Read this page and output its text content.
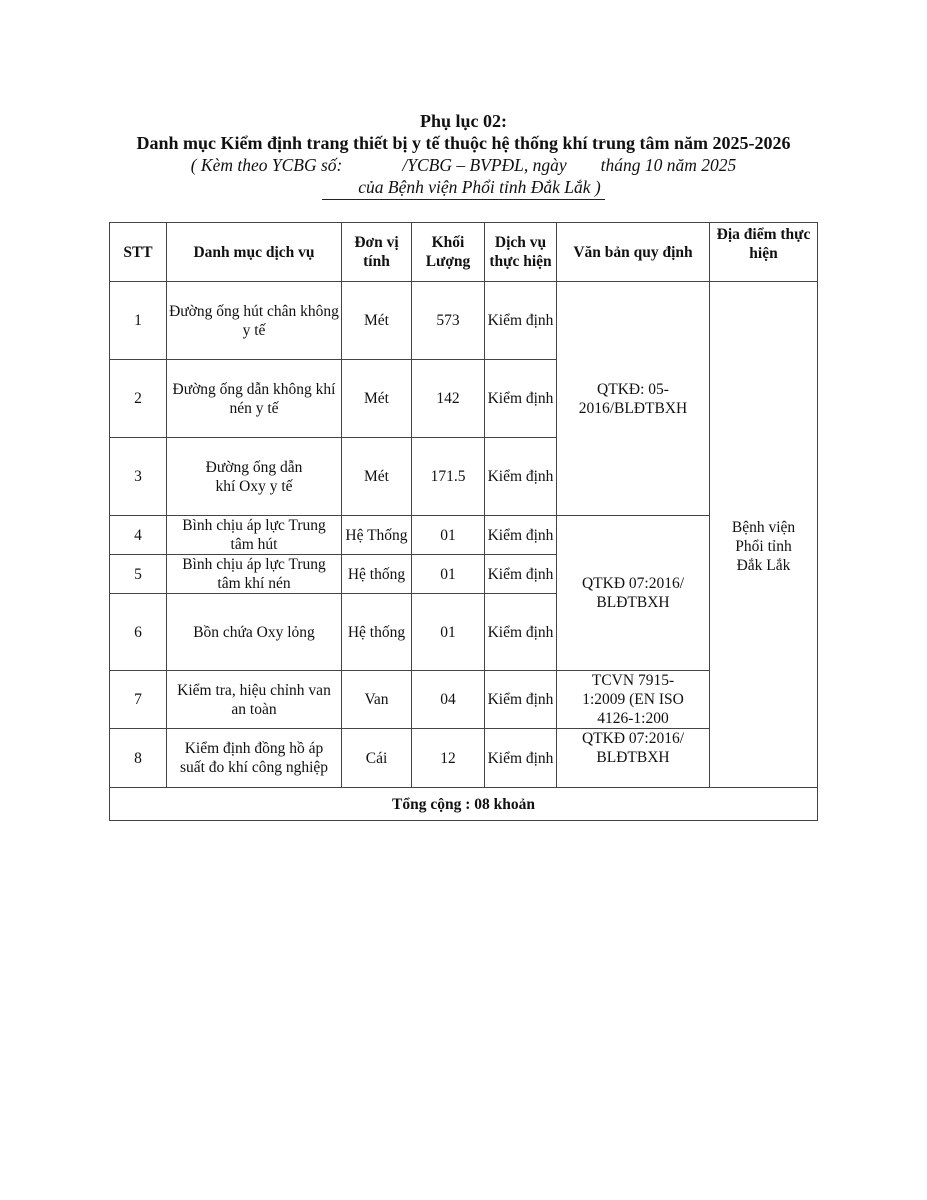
Phụ lục 02:
Danh mục Kiểm định trang thiết bị y tế thuộc hệ thống khí trung tâm năm 2025-2026
( Kèm theo YCBG số:	/YCBG – BVPĐL, ngày tháng 10 năm 2025
của Bệnh viện Phổi tỉnh Đắk Lắk )
STT	Danh mục dịch vụ	Đơn vị tính	Khối Lượng	Dịch vụ thực hiện	Văn bản quy định	Địa điểm thực hiện
1	Đường ống hút chân không y tế	Mét	573	Kiểm định	QTKĐ: 05-2016/BLĐTBXH	Bệnh viện Phổi tỉnh Đắk Lắk
2	Đường ống dẫn không khí nén y tế	Mét	142	Kiểm định		
3	Đường ống dẫn khí Oxy y tế	Mét	171.5	Kiểm định		
4	Bình chịu áp lực Trung tâm hút	Hệ Thống	01	Kiểm định	QTKĐ 07:2016/ BLĐTBXH	
5	Bình chịu áp lực Trung tâm khí nén	Hệ thống	01	Kiểm định		
6	Bồn chứa Oxy lỏng	Hệ thống	01	Kiểm định		
7	Kiểm tra, hiệu chỉnh van an toàn	Van	04	Kiểm định	TCVN 7915-1:2009 (EN ISO 4126-1:200	
8	Kiểm định đồng hồ áp suất đo khí công nghiệp	Cái	12	Kiểm định	QTKĐ 07:2016/ BLĐTBXH	
Tổng cộng : 08 khoản						
